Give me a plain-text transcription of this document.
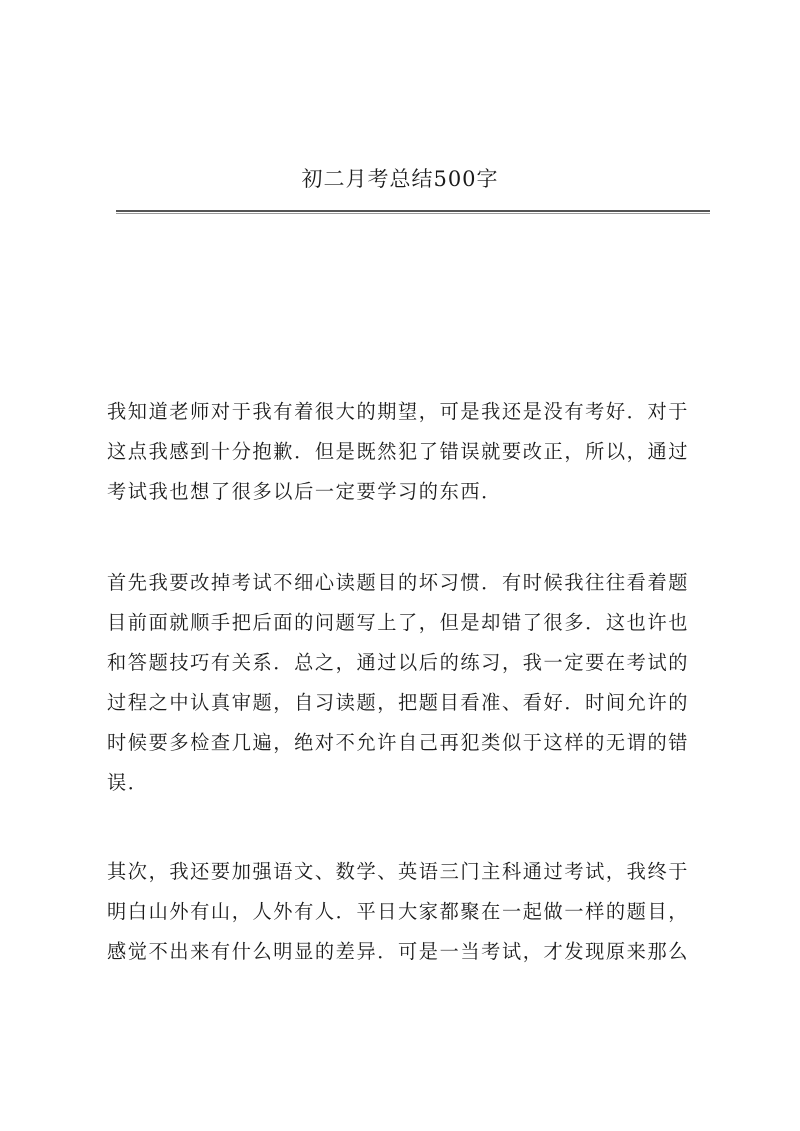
初二月考总结500字

我知道老师对于我有着很大的期望，可是我还是没有考好．对于
这点我感到十分抱歉．但是既然犯了错误就要改正，所以，通过
考试我也想了很多以后一定要学习的东西．

首先我要改掉考试不细心读题目的坏习惯．有时候我往往看着题
目前面就顺手把后面的问题写上了，但是却错了很多．这也许也
和答题技巧有关系．总之，通过以后的练习，我一定要在考试的
过程之中认真审题，自习读题，把题目看准、看好．时间允许的
时候要多检查几遍，绝对不允许自己再犯类似于这样的无谓的错
误．

其次，我还要加强语文、数学、英语三门主科通过考试，我终于
明白山外有山，人外有人．平日大家都聚在一起做一样的题目，
感觉不出来有什么明显的差异．可是一当考试，才发现原来那么
